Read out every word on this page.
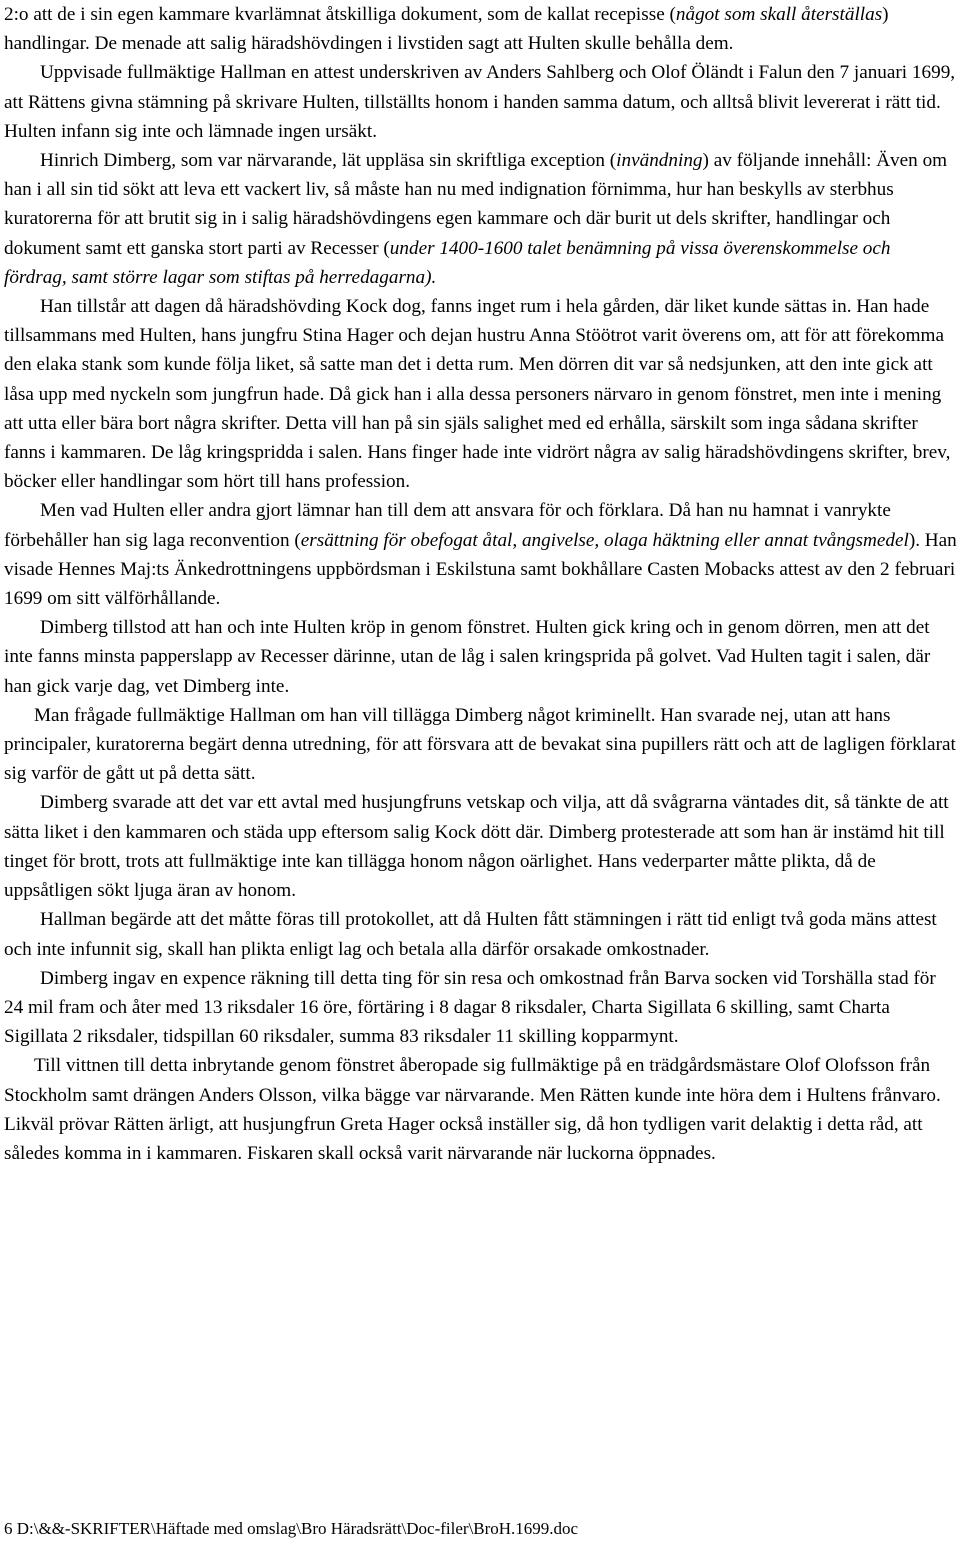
2:o att de i sin egen kammare kvarlämnat åtskilliga dokument, som de kallat recepisse (något som skall återställas) handlingar. De menade att salig häradshövdingen i livstiden sagt att Hulten skulle behålla dem.

Uppvisade fullmäktige Hallman en attest underskriven av Anders Sahlberg och Olof Öländt i Falun den 7 januari 1699, att Rättens givna stämning på skrivare Hulten, tillställts honom i handen samma datum, och alltså blivit levererat i rätt tid. Hulten infann sig inte och lämnade ingen ursäkt.

Hinrich Dimberg, som var närvarande, lät uppläsa sin skriftliga exception (invändning) av följande innehåll: Även om han i all sin tid sökt att leva ett vackert liv, så måste han nu med indignation förnimma, hur han beskylls av sterbhus kuratorerna för att brutit sig in i salig häradshövdingens egen kammare och där burit ut dels skrifter, handlingar och dokument samt ett ganska stort parti av Recesser (under 1400-1600 talet benämning på vissa överenskommelse och fördrag, samt större lagar som stiftas på herredagarna).

Han tillstår att dagen då häradshövding Kock dog, fanns inget rum i hela gården, där liket kunde sättas in. Han hade tillsammans med Hulten, hans jungfru Stina Hager och dejan hustru Anna Stöötrot varit överens om, att för att förekomma den elaka stank som kunde följa liket, så satte man det i detta rum. Men dörren dit var så nedsjunken, att den inte gick att låsa upp med nyckeln som jungfrun hade. Då gick han i alla dessa personers närvaro in genom fönstret, men inte i mening att utta eller bära bort några skrifter. Detta vill han på sin själs salighet med ed erhålla, särskilt som inga sådana skrifter fanns i kammaren. De låg kringspridda i salen. Hans finger hade inte vidrört några av salig häradshövdingens skrifter, brev, böcker eller handlingar som hört till hans profession.

Men vad Hulten eller andra gjort lämnar han till dem att ansvara för och förklara. Då han nu hamnat i vanrykte förbehåller han sig laga reconvention (ersättning för obefogat åtal, angivelse, olaga häktning eller annat tvångsmedel). Han visade Hennes Maj:ts Änkedrottningens uppbördsman i Eskilstuna samt bokhållare Casten Mobacks attest av den 2 februari 1699 om sitt välförhållande.

Dimberg tillstod att han och inte Hulten kröp in genom fönstret. Hulten gick kring och in genom dörren, men att det inte fanns minsta papperslapp av Recesser därinne, utan de låg i salen kringsprida på golvet. Vad Hulten tagit i salen, där han gick varje dag, vet Dimberg inte.

Man frågade fullmäktige Hallman om han vill tillägga Dimberg något kriminellt. Han svarade nej, utan att hans principaler, kuratorerna begärt denna utredning, för att försvara att de bevakat sina pupillers rätt och att de lagligen förklarat sig varför de gått ut på detta sätt.

Dimberg svarade att det var ett avtal med husjungfruns vetskap och vilja, att då svågrarna väntades dit, så tänkte de att sätta liket i den kammaren och städa upp eftersom salig Kock dött där. Dimberg protesterade att som han är instämd hit till tinget för brott, trots att fullmäktige inte kan tillägga honom någon oärlighet. Hans vederparter måtte plikta, då de uppsåtligen sökt ljuga äran av honom.

Hallman begärde att det måtte föras till protokollet, att då Hulten fått stämningen i rätt tid enligt två goda mäns attest och inte infunnit sig, skall han plikta enligt lag och betala alla därför orsakade omkostnader.

Dimberg ingav en expence räkning till detta ting för sin resa och omkostnad från Barva socken vid Torshälla stad för 24 mil fram och åter med 13 riksdaler 16 öre, förtäring i 8 dagar 8 riksdaler, Charta Sigillata 6 skilling, samt Charta Sigillata 2 riksdaler, tidspillan 60 riksdaler, summa 83 riksdaler 11 skilling kopparmynt.

Till vittnen till detta inbrytande genom fönstret åberopade sig fullmäktige på en trädgårdsmästare Olof Olofsson från Stockholm samt drängen Anders Olsson, vilka bägge var närvarande. Men Rätten kunde inte höra dem i Hultens frånvaro. Likväl prövar Rätten ärligt, att husjungfrun Greta Hager också inställer sig, då hon tydligen varit delaktig i detta råd, att således komma in i kammaren. Fiskaren skall också varit närvarande när luckorna öppnades.

6 D:\&&-SKRIFTER\Häftade med omslag\Bro Häradsrätt\Doc-filer\BroH.1699.doc
